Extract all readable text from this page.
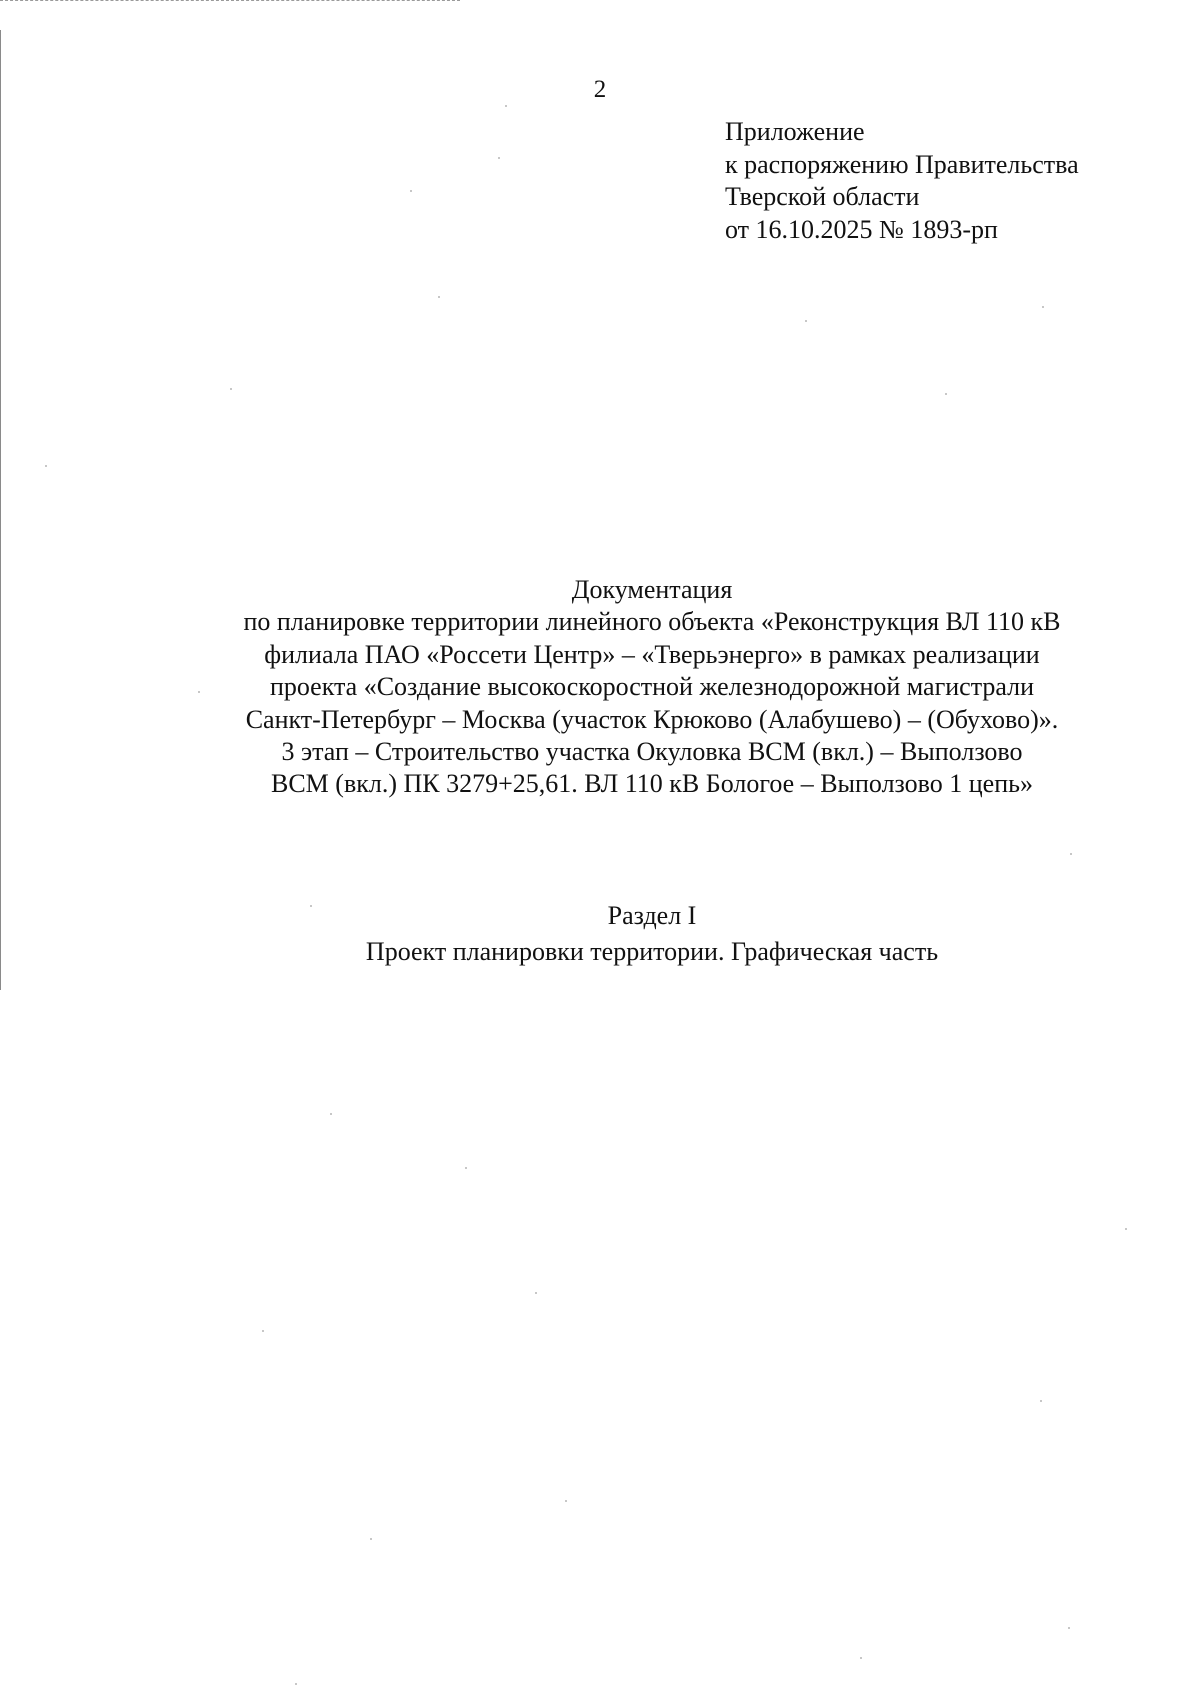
2
Приложение
к распоряжению Правительства
Тверской области
от 16.10.2025 № 1893-рп
Документация
по планировке территории линейного объекта «Реконструкция ВЛ 110 кВ
филиала ПАО «Россети Центр» – «Тверьэнерго» в рамках реализации
проекта «Создание высокоскоростной железнодорожной магистрали
Санкт-Петербург – Москва (участок Крюково (Алабушево) – (Обухово)».
3 этап – Строительство участка Окуловка ВСМ (вкл.) – Выползово
ВСМ (вкл.) ПК 3279+25,61. ВЛ 110 кВ Бологое – Выползово 1 цепь»
Раздел I
Проект планировки территории. Графическая часть
